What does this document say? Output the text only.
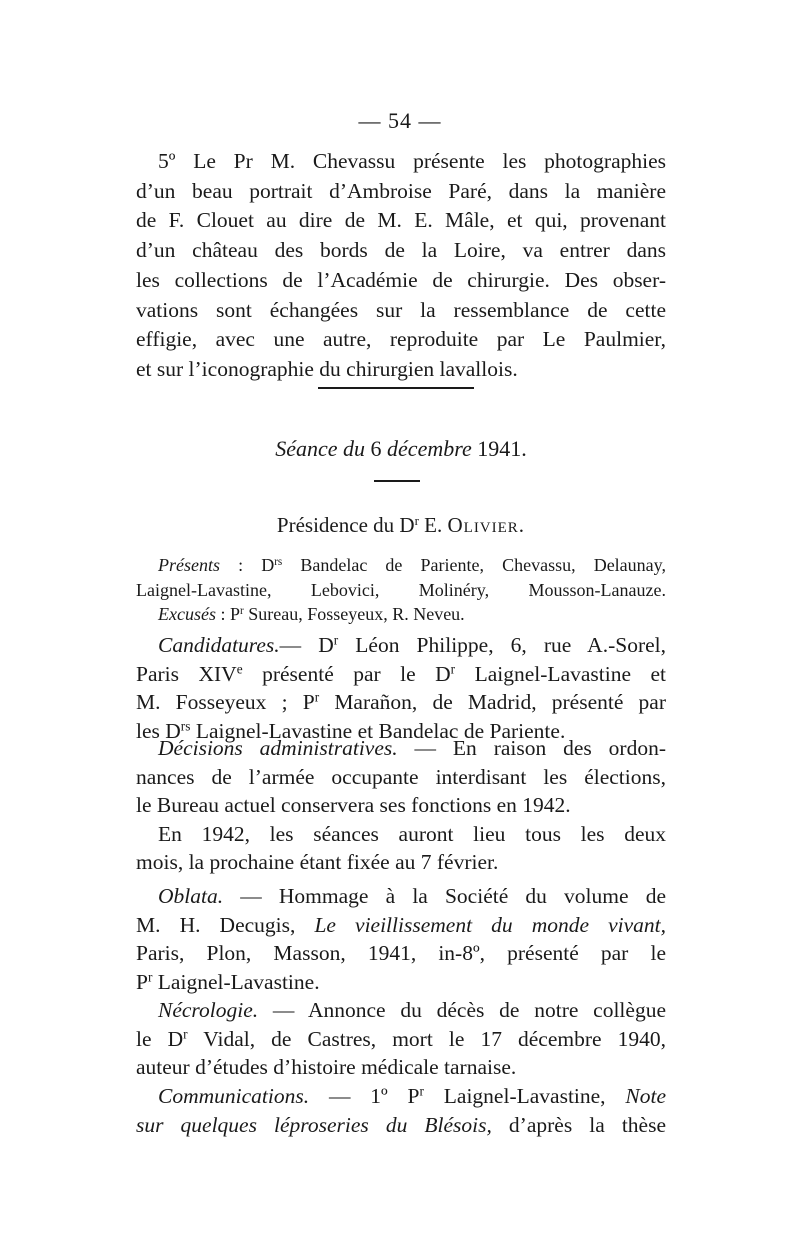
— 54 —
5º Le Pr M. Chevassu présente les photographies
d’un beau portrait d’Ambroise Paré, dans la manière
de F. Clouet au dire de M. E. Mâle, et qui, provenant
d’un château des bords de la Loire, va entrer dans
les collections de l’Académie de chirurgie. Des obser-
vations sont échangées sur la ressemblance de cette
effigie, avec une autre, reproduite par Le Paulmier,
et sur l’iconographie du chirurgien lavallois.
Séance du 6 décembre 1941.
Présidence du $D^r$ E. Olivier.
Présents : $D^{rs}$ Bandelac de Pariente, Chevassu, Delaunay,
Laignel-Lavastine, Lebovici, Molinéry, Mousson-Lanauze.
Excusés : $P^r$ Sureau, Fosseyeux, R. Neveu.
Candidatures.— $D^r$ Léon Philippe, 6, rue A.-Sorel,
Paris XIVe présenté par le $D^r$ Laignel-Lavastine et
M. Fosseyeux ; $P^r$ Marañon, de Madrid, présenté par
les $D^{rs}$ Laignel-Lavastine et Bandelac de Pariente.
Décisions administratives. — En raison des ordon-
nances de l’armée occupante interdisant les élections,
le Bureau actuel conservera ses fonctions en 1942.
En 1942, les séances auront lieu tous les deux
mois, la prochaine étant fixée au 7 février.
Oblata. — Hommage à la Société du volume de
M. H. Decugis, Le vieillissement du monde vivant,
Paris, Plon, Masson, 1941, in-8º, présenté par le
$P^r$ Laignel-Lavastine.
Nécrologie. — Annonce du décès de notre collègue
le $D^r$ Vidal, de Castres, mort le 17 décembre 1940,
auteur d’études d’histoire médicale tarnaise.
Communications. — 1º $P^r$ Laignel-Lavastine, Note
sur quelques léproseries du Blésois, d’après la thèse
